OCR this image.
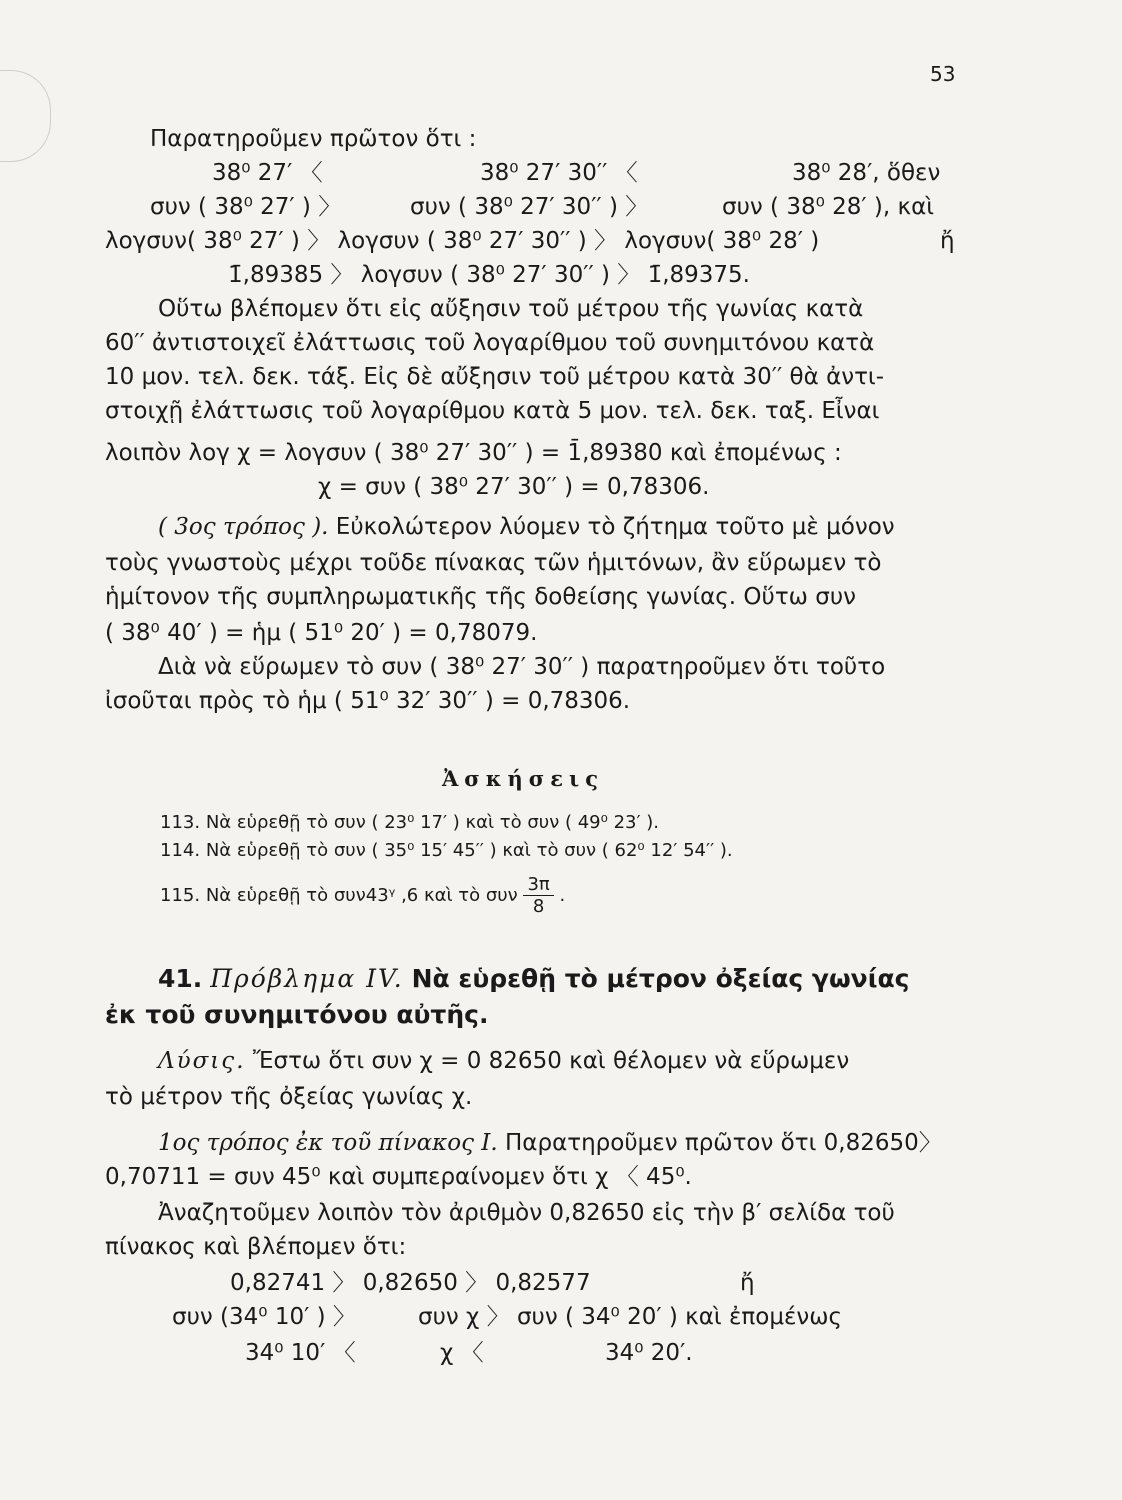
53
Παρατηροῦμεν πρῶτον ὅτι :
38⁰ 27′ 〈	38⁰ 27′ 30′′ 〈	38⁰ 28′, ὅθεν
συν ( 38⁰ 27′ ) 〉	συν ( 38⁰ 27′ 30′′ ) 〉	συν ( 38⁰ 28′ ), καὶ
λογσυν( 38⁰ 27′ ) 〉 λογσυν ( 38⁰ 27′ 30′′ ) 〉 λογσυν( 38⁰ 28′ )	ἤ
1̄,89385 〉 λογσυν ( 38⁰ 27′ 30′′ ) 〉 1̄,89375.
Οὕτω βλέπομεν ὅτι εἰς αὔξησιν τοῦ μέτρου τῆς γωνίας κατὰ
60′′ ἀντιστοιχεῖ ἐλάττωσις τοῦ λογαρίθμου τοῦ συνημιτόνου κατὰ
10 μον. τελ. δεκ. τάξ. Εἰς δὲ αὔξησιν τοῦ μέτρου κατὰ 30′′ θὰ ἀντι-
στοιχῇ ἐλάττωσις τοῦ λογαρίθμου κατὰ 5 μον. τελ. δεκ. ταξ. Εἶναι
λοιπὸν λογ χ = λογσυν ( 38⁰ 27′ 30′′ ) = 1̄,89380 καὶ ἐπομένως :
χ = συν ( 38⁰ 27′ 30′′ ) = 0,78306.
( 3ος τρόπος ). Εὐκολώτερον λύομεν τὸ ζήτημα τοῦτο μὲ μόνον
τοὺς γνωστοὺς μέχρι τοῦδε πίνακας τῶν ἡμιτόνων, ἂν εὕρωμεν τὸ
ἡμίτονον τῆς συμπληρωματικῆς τῆς δοθείσης γωνίας. Οὕτω συν
( 38⁰ 40′ ) = ἡμ ( 51⁰ 20′ ) = 0,78079.
Διὰ νὰ εὕρωμεν τὸ συν ( 38⁰ 27′ 30′′ ) παρατηροῦμεν ὅτι τοῦτο
ἰσοῦται πρὸς τὸ ἡμ ( 51⁰ 32′ 30′′ ) = 0,78306.
Ἀσκήσεις
113. Νὰ εὑρεθῇ τὸ συν ( 23⁰ 17′ ) καὶ τὸ συν ( 49⁰ 23′ ).
114. Νὰ εὑρεθῇ τὸ συν ( 35⁰ 15′ 45′′ ) καὶ τὸ συν ( 62⁰ 12′ 54′′ ).
115. Νὰ εὑρεθῇ τὸ συν43ᵞ ,6 καὶ τὸ συν $\frac{3\pi}{8}$ .
41. Πρόβλημα IV. Νὰ εὑρεθῇ τὸ μέτρον ὀξείας γωνίας
ἐκ τοῦ συνημιτόνου αὐτῆς.
Λύσις. Ἔστω ὅτι συν χ = 0 82650 καὶ θέλομεν νὰ εὕρωμεν
τὸ μέτρον τῆς ὀξείας γωνίας χ.
1ος τρόπος ἐκ τοῦ πίνακος I. Παρατηροῦμεν πρῶτον ὅτι 0,82650〉
0,70711 = συν 45⁰ καὶ συμπεραίνομεν ὅτι χ 〈 45⁰.
Ἀναζητοῦμεν λοιπὸν τὸν ἀριθμὸν 0,82650 εἰς τὴν β′ σελίδα τοῦ
πίνακος καὶ βλέπομεν ὅτι:
0,82741 〉 0,82650 〉 0,82577	ἤ
συν (34⁰ 10′ ) 〉	συν χ 〉 συν ( 34⁰ 20′ ) καὶ ἐπομένως
34⁰ 10′ 〈	χ 〈	34⁰ 20′.
